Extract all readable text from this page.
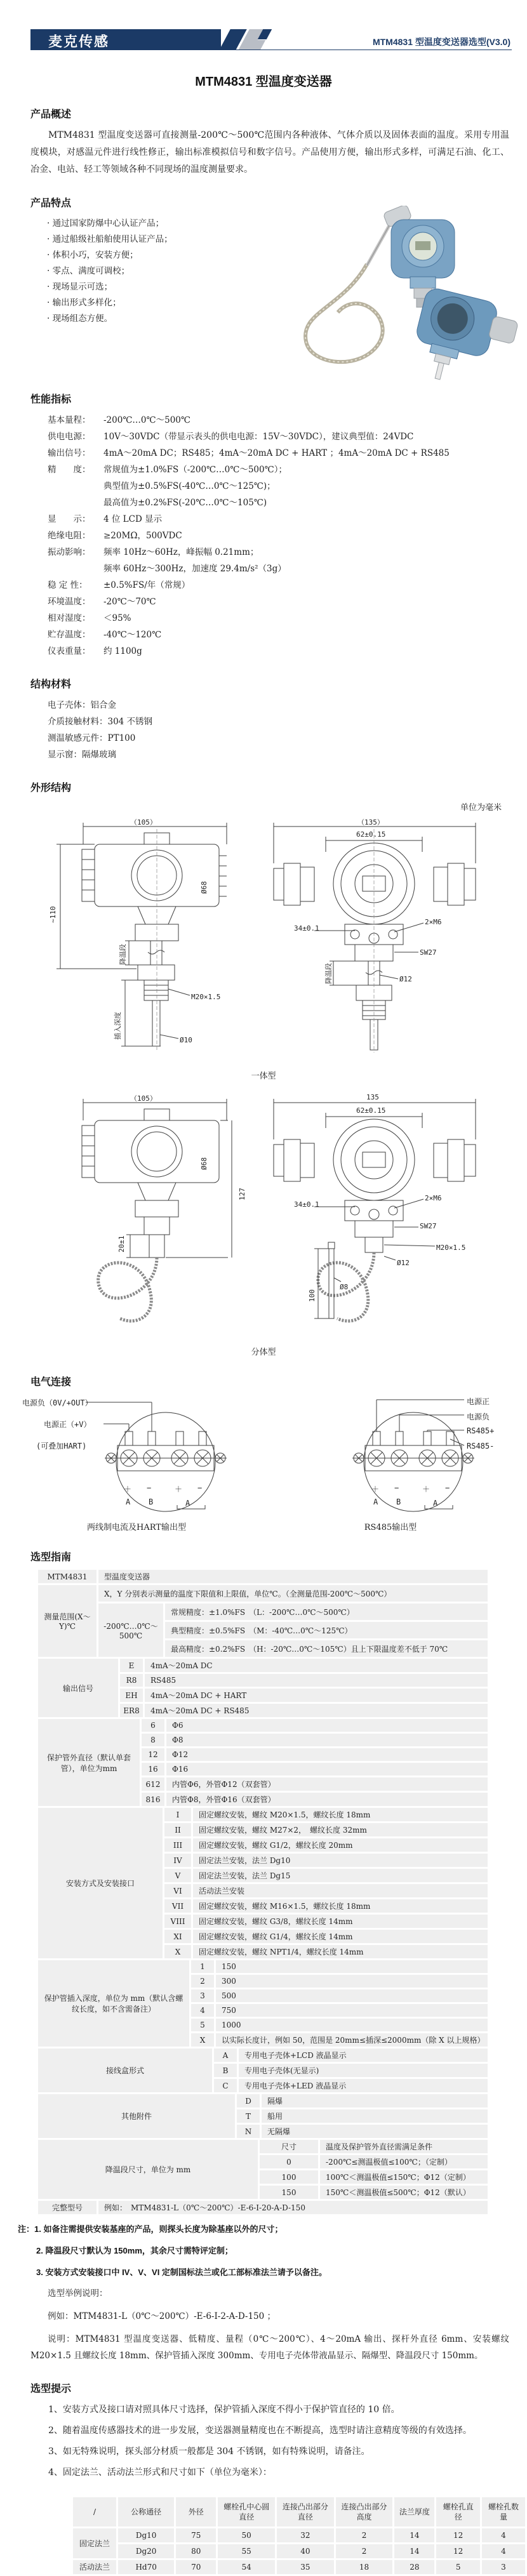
麦克传感	MTM4831 型温度变送器选型(V3.0)
MTM4831 型温度变送器
产品概述

MTM4831 型温度变送器可直接测量-200℃～500℃范围内各种液体、气体介质以及固体表面的温度。采用专用温度模块，对感温元件进行线性修正，输出标准模拟信号和数字信号。产品使用方便，输出形式多样，可满足石油、化工、冶金、电站、轻工等领域各种不同现场的温度测量要求。

产品特点
· 通过国家防爆中心认证产品；
· 通过船级社船舶使用认证产品；
· 体积小巧，安装方便；
· 零点、满度可调校；
· 现场显示可选；
· 输出形式多样化；
· 现场组态方便。
性能指标
基本量程： -200℃…0℃～500℃
供电电源： 10V～30VDC（带显示表头的供电电源：15V～30VDC），建议典型值：24VDC
输出信号： 4mA～20mA DC；RS485；4mA～20mA DC + HART ；4mA～20mA DC + RS485
精　　度： 常规值为±1.0%FS（-200℃…0℃～500℃）；
典型值为±0.5%FS(-40℃…0℃～125℃)；
最高值为±0.2%FS(-20℃…0℃～105℃)
显　　示： 4 位 LCD 显示
绝缘电阻： ≥20MΩ，500VDC
振动影响： 频率 10Hz～60Hz，峰振幅 0.21mm；
频率 60Hz～300Hz，加速度 29.4m/s²（3g）
稳 定 性： ±0.5%FS/年（常规）
环境温度： -20℃～70℃
相对湿度： ＜95%
贮存温度： -40℃～120℃
仪表重量： 约 1100g
结构材料
电子壳体：铝合金
介质接触材料：304 不锈钢
测温敏感元件：PT100
显示窗：隔爆玻璃
外形结构
单位为毫米
（105）
~110
Ø68
降温段
插入深度
M20×1.5
Ø10
（135）
62±0.15
34±0.1
2×M6
SW27
降温段	Ø12
一体型
（105）
Ø68
127
20±1
135
62±0.15
34±0.1
2×M6
SW27
M20×1.5
Ø12
100
Ø8
分体型
电气连接
两线制电流及HART输出型
电源负（0V/+OUT）
电源正（+V）
(可叠加HART)
＋ −	＋ −
A B	A
RS485输出型
电源正
电源负
RS485+
RS485-
＋ −	＋ −
A B	A
选型指南
MTM4831	型温度变送器
测量范围(X～Y)℃
X，Y 分别表示测量的温度下限值和上限值，单位℃。（全测量范围-200℃～500℃）
-200℃…0℃～500℃
常规精度：±1.0%FS　（L：-200℃…0℃～500℃）
典型精度：±0.5%FS　（M：-40℃…0℃～125℃）
最高精度：±0.2%FS　（H：-20℃…0℃～105℃）且上下限温度差不低于 70℃
输出信号
E	4mA～20mA DC
R8	RS485
EH	4mA～20mA DC + HART
ER8	4mA～20mA DC + RS485
保护管外直径（默认单套管），单位为mm
6	Φ6
8	Φ8
12	Φ12
16	Φ16
612	内管Φ6，外管Φ12（双套管）
816	内管Φ8，外管Φ16（双套管）
安装方式及安装接口
I	固定螺纹安装，螺纹 M20×1.5，螺纹长度 18mm
II	固定螺纹安装，螺纹 M27×2，　螺纹长度 32mm
III	固定螺纹安装，螺纹 G1/2，螺纹长度 20mm
IV	固定法兰安装，法兰 Dg10
V	固定法兰安装，法兰 Dg15
VI	活动法兰安装
VII	固定螺纹安装，螺纹 M16×1.5，螺纹长度 18mm
VIII	固定螺纹安装，螺纹 G3/8，螺纹长度 14mm
XI	固定螺纹安装，螺纹 G1/4，螺纹长度 14mm
X	固定螺纹安装，螺纹 NPT1/4，螺纹长度 14mm
保护管插入深度，单位为 mm（默认含螺纹长度，如不含需备注）
1	150
2	300
3	500
4	750
5	1000
X	以实际长度计，例如 50，范围是 20mm≤插深≤2000mm（除 X 以上规格）
接线盒形式
A	专用电子壳体+LCD 液晶显示
B	专用电子壳体(无显示)
C	专用电子壳体+LED 液晶显示
其他附件
D	隔爆
T	船用
N	无隔爆
降温段尺寸，单位为 mm
尺寸	温度及保护管外直径需满足条件
0	-200℃≤测温极值≤100℃；（定制）
100	100℃＜测温极值≤150℃；Φ12（定制）
150	150℃＜测温极值≤500℃；Φ12（默认）
完整型号	例如：　MTM4831-L（0℃～200℃）-E-6-I-20-A-D-150
注：1. 如备注需提供安装基座的产品，则探头长度为除基座以外的尺寸；
2. 降温段尺寸默认为 150mm，其余尺寸需特评定制；
3. 安装方式安装接口中 IV、V、VI 定制国标法兰或化工部标准法兰请予以备注。

选型举例说明：

例如：MTM4831-L（0℃～200℃）-E-6-I-2-A-D-150 ；

说明：MTM4831 型温度变送器、低精度、量程（0℃～200℃）、4～20mA 输出、探杆外直径 6mm、安装螺纹 M20×1.5 且螺纹长度 18mm、保护管插入深度 300mm、专用电子壳体带液晶显示、隔爆型、降温段尺寸 150mm。

选型提示

1、安装方式及接口请对照具体尺寸选择，保护管插入深度不得小于保护管直径的 10 倍。

2、随着温度传感器技术的进一步发展，变送器测量精度也在不断提高，选型时请注意精度等级的有效选择。

3、如无特殊说明，探头部分材质一般都是 304 不锈钢，如有特殊说明，请备注。

4、固定法兰、活动法兰形式和尺寸如下（单位为毫米）：

/	公称通径	外径	螺栓孔中心圆直径	连接凸出部分直径	连接凸出部分高度	法兰厚度	螺栓孔直径	螺栓孔数量
固定法兰	Dg10	75	50	32	2	14	12	4
	Dg20	80	55	40	2	14	12	4
活动法兰	Hd70	70	54	35	18	28	5	3
